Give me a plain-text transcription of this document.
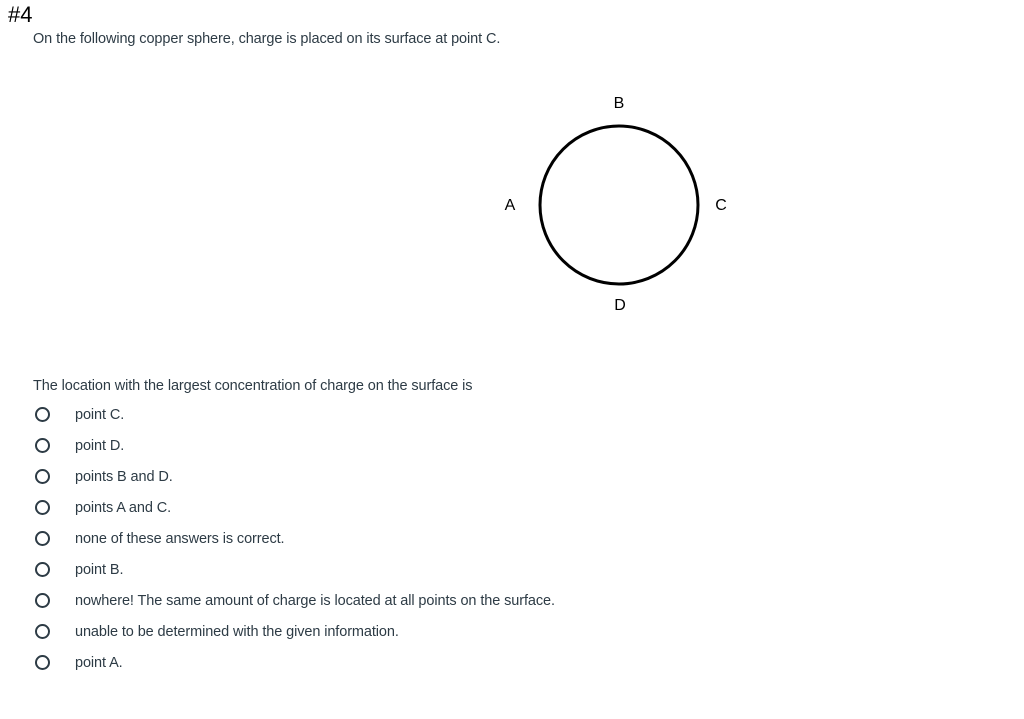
#4
On the following copper sphere, charge is placed on its surface at point C.
B
A	C
D
The location with the largest concentration of charge on the surface is
point C.
point D.
points B and D.
points A and C.
none of these answers is correct.
point B.
nowhere! The same amount of charge is located at all points on the surface.
unable to be determined with the given information.
point A.
